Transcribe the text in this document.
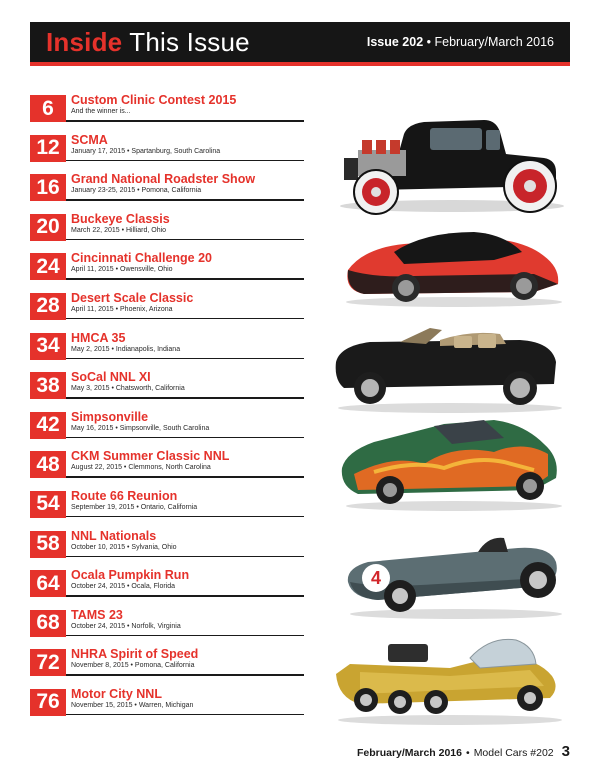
Inside This Issue	Issue 202 • February/March 2016
6	Custom Clinic Contest 2015
And the winner is...
12 SCMA
January 17, 2015 • Spartanburg, South Carolina
16 Grand National Roadster Show
January 23-25, 2015 • Pomona, California
20 Buckeye Classis
March 22, 2015 • Hilliard, Ohio
24 Cincinnati Challenge 20
April 11, 2015 • Owensville, Ohio
28 Desert Scale Classic
April 11, 2015 • Phoenix, Arizona
34 HMCA 35
May 2, 2015 • Indianapolis, Indiana
38 SoCal NNL XI
May 3, 2015 • Chatsworth, California
42 Simpsonville
May 16, 2015 • Simpsonville, South Carolina
48 CKM Summer Classic NNL
August 22, 2015 • Clemmons, North Carolina
54 Route 66 Reunion
September 19, 2015 • Ontario, California
58 NNL Nationals
October 10, 2015 • Sylvania, Ohio
64 Ocala Pumpkin Run
October 24, 2015 • Ocala, Florida
68 TAMS 23
October 24, 2015 • Norfolk, Virginia
72 NHRA Spirit of Speed
November 8, 2015 • Pomona, California
76 Motor City NNL
November 15, 2015 • Warren, Michigan
4
February/March 2016 • Model Cars #202 3
